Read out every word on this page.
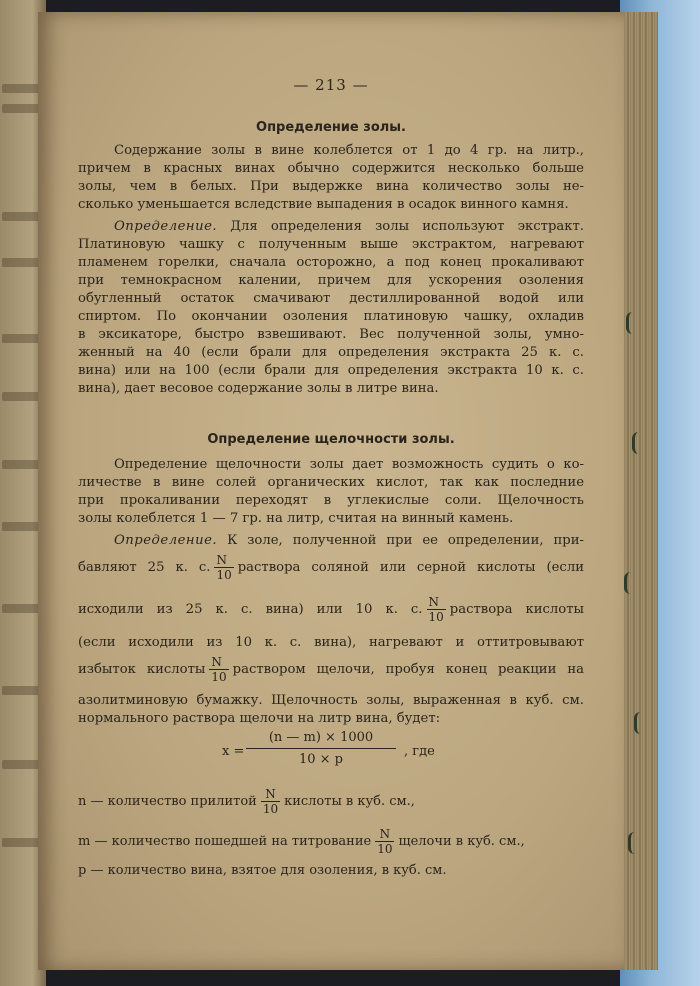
— 213 —
Определение золы.
Содержание золы в вине колеблется от 1 до 4 гр. на литр.,
причем в красных винах обычно содержится несколько больше
золы, чем в белых. При выдержке вина количество золы не-
сколько уменьшается вследствие выпадения в осадок винного камня.
Определение. Для определения золы используют экстракт.
Платиновую чашку с полученным выше экстрактом, нагревают
пламенем горелки, сначала осторожно, а под конец прокаливают
при темнокрасном калении, причем для ускорения озоления
обугленный остаток смачивают дестиллированной водой или
спиртом. По окончании озоления платиновую чашку, охладив
в эксикаторе, быстро взвешивают. Вес полученной золы, умно-
женный на 40 (если брали для определения экстракта 25 к. с.
вина) или на 100 (если брали для определения экстракта 10 к. с.
вина), дает весовое содержание золы в литре вина.
Определение щелочности золы.
Определение щелочности золы дает возможность судить о ко-
личестве в вине солей органических кислот, так как последние
при прокаливании переходят в углекислые соли. Щелочность
золы колеблется 1 — 7 гр. на литр, считая на винный камень.
Определение. К золе, полученной при ее определении, при-
бавляют 25 к. с. $\frac{N}{10}$ раствора соляной или серной кислоты (если
исходили из 25 к. с. вина) или 10 к. с. $\frac{N}{10}$ раствора кислоты
(если исходили из 10 к. с. вина), нагревают и оттитровывают
избыток кислоты $\frac{N}{10}$ раствором щелочи, пробуя конец реакции на
азолитминовую бумажку. Щелочность золы, выраженная в куб. см.
нормального раствора щелочи на литр вина, будет:
$x = \frac{(n — m) \times 1000}{10 \times p}$ , где
n — количество прилитой $\frac{N}{10}$ кислоты в куб. см.,
m — количество пошедшей на титрование $\frac{N}{10}$ щелочи в куб. см.,
p — количество вина, взятое для озоления, в куб. см.
